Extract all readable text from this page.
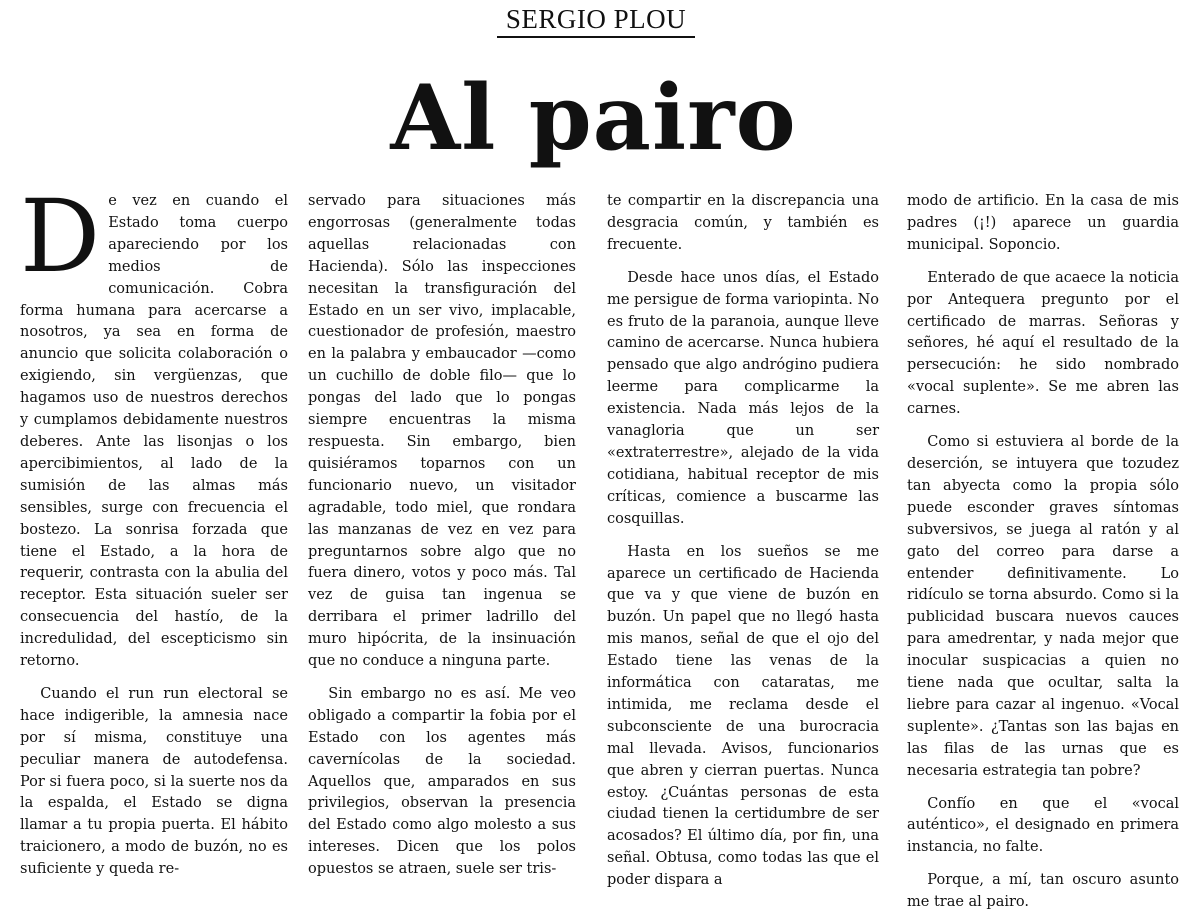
SERGIO PLOU
Al pairo

De vez en cuando el Estado toma cuerpo apareciendo por los medios de comunicación. Cobra forma humana para acercarse a nosotros, ya sea en forma de anuncio que solicita colaboración o exigiendo, sin vergüenzas, que hagamos uso de nuestros derechos y cumplamos debidamente nuestros deberes. Ante las lisonjas o los apercibimientos, al lado de la sumisión de las almas más sensibles, surge con frecuencia el bostezo. La sonrisa forzada que tiene el Estado, a la hora de requerir, contrasta con la abulia del receptor. Esta situación sueler ser consecuencia del hastío, de la incredulidad, del escepticismo sin retorno.

Cuando el run run electoral se hace indigerible, la amnesia nace por sí misma, constituye una peculiar manera de autodefensa. Por si fuera poco, si la suerte nos da la espalda, el Estado se digna llamar a tu propia puerta. El hábito traicionero, a modo de buzón, no es suficiente y queda re-

servado para situaciones más engorrosas (generalmente todas aquellas relacionadas con Hacienda). Sólo las inspecciones necesitan la transfiguración del Estado en un ser vivo, implacable, cuestionador de profesión, maestro en la palabra y embaucador —como un cuchillo de doble filo— que lo pongas del lado que lo pongas siempre encuentras la misma respuesta. Sin embargo, bien quisiéramos toparnos con un funcionario nuevo, un visitador agradable, todo miel, que rondara las manzanas de vez en vez para preguntarnos sobre algo que no fuera dinero, votos y poco más. Tal vez de guisa tan ingenua se derribara el primer ladrillo del muro hipócrita, de la insinuación que no conduce a ninguna parte.

Sin embargo no es así. Me veo obligado a compartir la fobia por el Estado con los agentes más cavernícolas de la sociedad. Aquellos que, amparados en sus privilegios, observan la presencia del Estado como algo molesto a sus intereses. Dicen que los polos opuestos se atraen, suele ser tris-

te compartir en la discrepancia una desgracia común, y también es frecuente.

Desde hace unos días, el Estado me persigue de forma variopinta. No es fruto de la paranoia, aunque lleve camino de acercarse. Nunca hubiera pensado que algo andrógino pudiera leerme para complicarme la existencia. Nada más lejos de la vanagloria que un ser «extraterrestre», alejado de la vida cotidiana, habitual receptor de mis críticas, comience a buscarme las cosquillas.

Hasta en los sueños se me aparece un certificado de Hacienda que va y que viene de buzón en buzón. Un papel que no llegó hasta mis manos, señal de que el ojo del Estado tiene las venas de la informática con cataratas, me intimida, me reclama desde el subconsciente de una burocracia mal llevada. Avisos, funcionarios que abren y cierran puertas. Nunca estoy. ¿Cuántas personas de esta ciudad tienen la certidumbre de ser acosados? El último día, por fin, una señal. Obtusa, como todas las que el poder dispara a

modo de artificio. En la casa de mis padres (¡!) aparece un guardia municipal. Soponcio.

Enterado de que acaece la noticia por Antequera pregunto por el certificado de marras. Señoras y señores, hé aquí el resultado de la persecución: he sido nombrado «vocal suplente». Se me abren las carnes.

Como si estuviera al borde de la deserción, se intuyera que tozudez tan abyecta como la propia sólo puede esconder graves síntomas subversivos, se juega al ratón y al gato del correo para darse a entender definitivamente. Lo ridículo se torna absurdo. Como si la publicidad buscara nuevos cauces para amedrentar, y nada mejor que inocular suspicacias a quien no tiene nada que ocultar, salta la liebre para cazar al ingenuo. «Vocal suplente». ¿Tantas son las bajas en las filas de las urnas que es necesaria estrategia tan pobre?

Confío en que el «vocal auténtico», el designado en primera instancia, no falte.

Porque, a mí, tan oscuro asunto me trae al pairo.
